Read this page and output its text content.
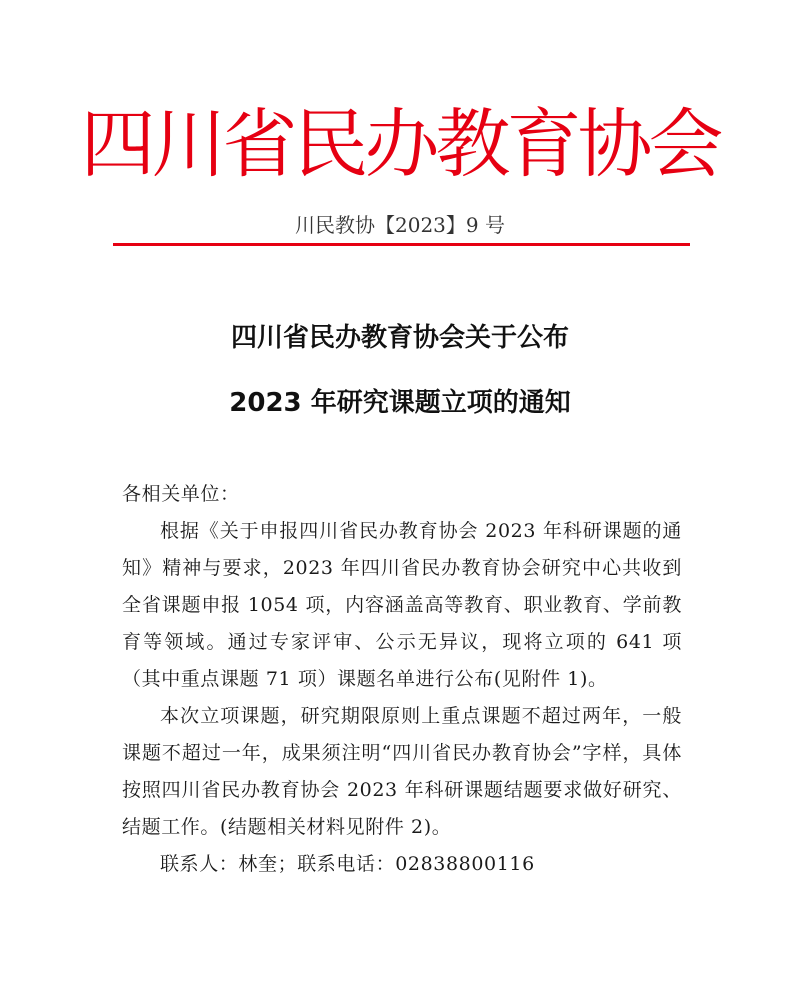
四川省民办教育协会
川民教协【2023】9 号
四川省民办教育协会关于公布
2023 年研究课题立项的通知

各相关单位：

根据《关于申报四川省民办教育协会 2023 年科研课题的通知》精神与要求，2023 年四川省民办教育协会研究中心共收到全省课题申报 1054 项，内容涵盖高等教育、职业教育、学前教育等领域。通过专家评审、公示无异议，现将立项的 641 项（其中重点课题 71 项）课题名单进行公布(见附件 1)。

本次立项课题，研究期限原则上重点课题不超过两年，一般课题不超过一年，成果须注明“四川省民办教育协会”字样，具体按照四川省民办教育协会 2023 年科研课题结题要求做好研究、结题工作。(结题相关材料见附件 2)。

联系人：林奎；联系电话：02838800116
